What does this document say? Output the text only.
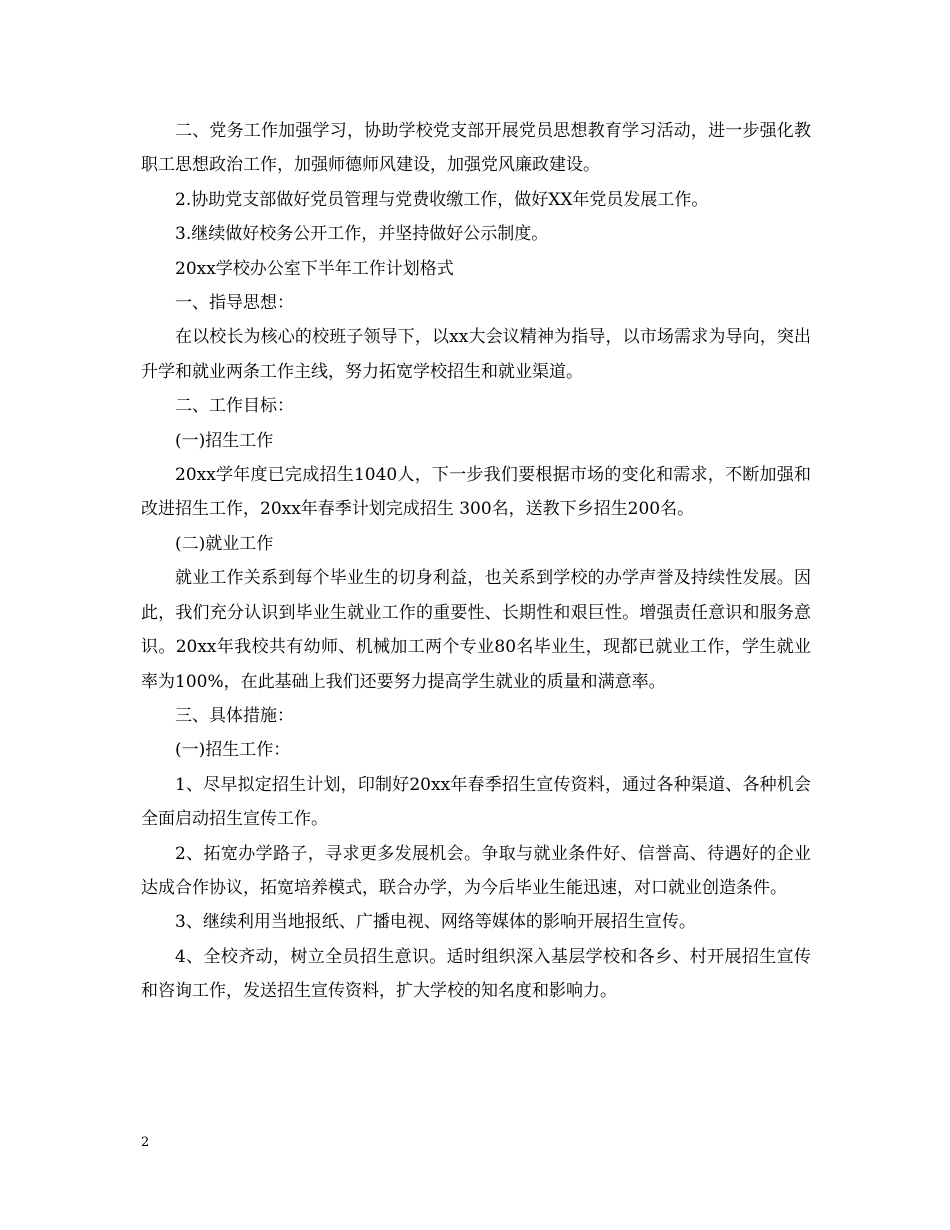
二、党务工作加强学习，协助学校党支部开展党员思想教育学习活动，进一步强化教职工思想政治工作，加强师德师风建设，加强党风廉政建设。

2.协助党支部做好党员管理与党费收缴工作，做好XX年党员发展工作。

3.继续做好校务公开工作，并坚持做好公示制度。

20xx学校办公室下半年工作计划格式

一、指导思想：

在以校长为核心的校班子领导下，以xx大会议精神为指导，以市场需求为导向，突出升学和就业两条工作主线，努力拓宽学校招生和就业渠道。

二、工作目标：

(一)招生工作

20xx学年度已完成招生1040人，下一步我们要根据市场的变化和需求，不断加强和改进招生工作，20xx年春季计划完成招生 300名，送教下乡招生200名。

(二)就业工作

就业工作关系到每个毕业生的切身利益，也关系到学校的办学声誉及持续性发展。因此，我们充分认识到毕业生就业工作的重要性、长期性和艰巨性。增强责任意识和服务意识。20xx年我校共有幼师、机械加工两个专业80名毕业生，现都已就业工作，学生就业率为100%，在此基础上我们还要努力提高学生就业的质量和满意率。

三、具体措施：

(一)招生工作：

1、尽早拟定招生计划，印制好20xx年春季招生宣传资料，通过各种渠道、各种机会全面启动招生宣传工作。

2、拓宽办学路子，寻求更多发展机会。争取与就业条件好、信誉高、待遇好的企业达成合作协议，拓宽培养模式，联合办学，为今后毕业生能迅速，对口就业创造条件。

3、继续利用当地报纸、广播电视、网络等媒体的影响开展招生宣传。

4、全校齐动，树立全员招生意识。适时组织深入基层学校和各乡、村开展招生宣传和咨询工作，发送招生宣传资料，扩大学校的知名度和影响力。

2
